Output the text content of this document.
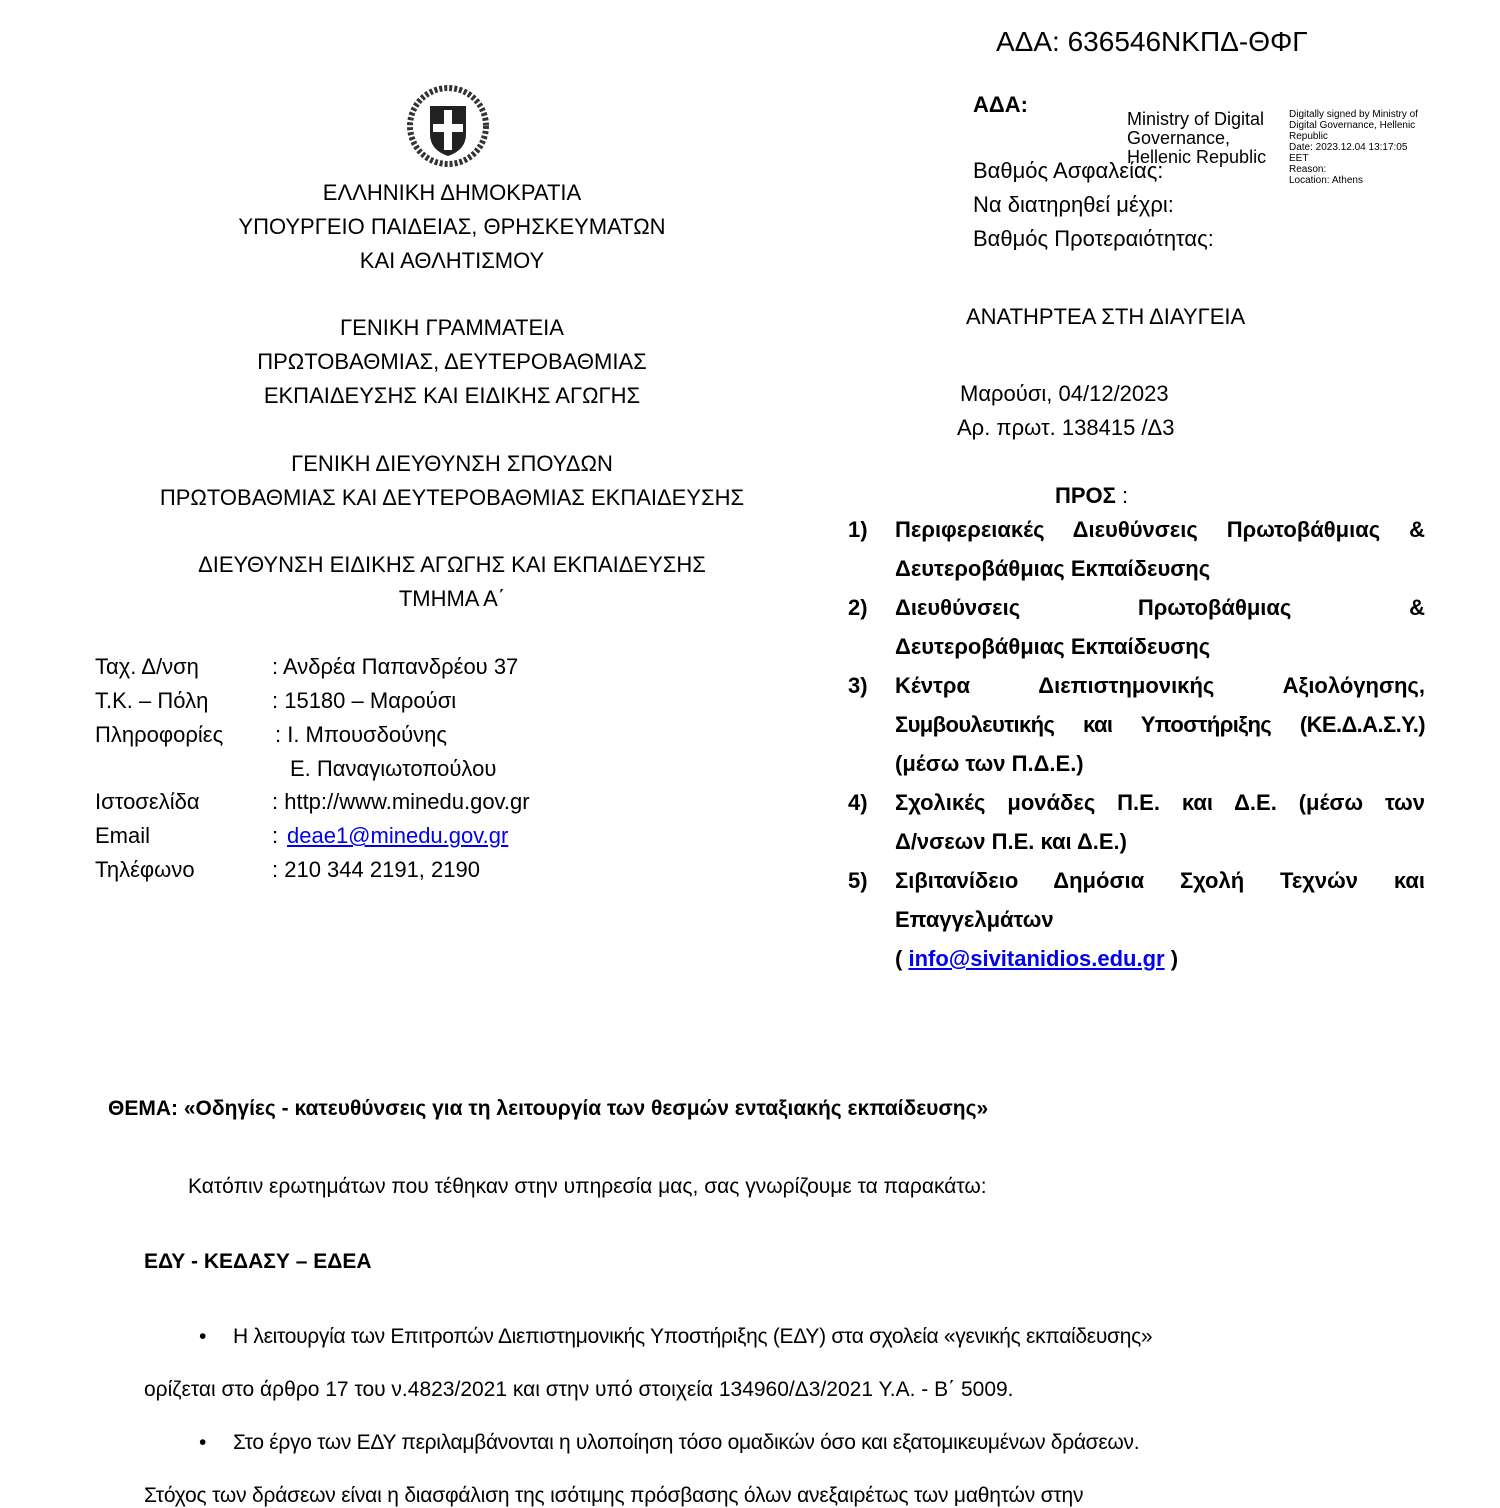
ΑΔΑ: 636546ΝΚΠΔ-ΘΦΓ
ΕΛΛΗΝΙΚΗ ΔΗΜΟΚΡΑΤΙΑ
ΥΠΟΥΡΓΕΙΟ ΠΑΙΔΕΙΑΣ, ΘΡΗΣΚΕΥΜΑΤΩΝ
ΚΑΙ ΑΘΛΗΤΙΣΜΟΥ
ΓΕΝΙΚΗ ΓΡΑΜΜΑΤΕΙΑ
ΠΡΩΤΟΒΑΘΜΙΑΣ, ΔΕΥΤΕΡΟΒΑΘΜΙΑΣ
ΕΚΠΑΙΔΕΥΣΗΣ ΚΑΙ ΕΙΔΙΚΗΣ ΑΓΩΓΗΣ
ΓΕΝΙΚΗ ΔΙΕΥΘΥΝΣΗ ΣΠΟΥΔΩΝ
ΠΡΩΤΟΒΑΘΜΙΑΣ ΚΑΙ ΔΕΥΤΕΡΟΒΑΘΜΙΑΣ ΕΚΠΑΙΔΕΥΣΗΣ
ΔΙΕΥΘΥΝΣΗ ΕΙΔΙΚΗΣ ΑΓΩΓΗΣ ΚΑΙ ΕΚΠΑΙΔΕΥΣΗΣ
ΤΜΗΜΑ Α΄
Ταχ. Δ/νση	: Ανδρέα Παπανδρέου 37
Τ.Κ. – Πόλη	: 15180 – Μαρούσι
Πληροφορίες : Ι. Μπουσδούνης
Ε. Παναγιωτοπούλου
Ιστοσελίδα	: http://www.minedu.gov.gr
Email	: deae1@minedu.gov.gr
Τηλέφωνο	: 210 344 2191, 2190
ΑΔΑ:
Βαθμός Ασφαλείας:
Να διατηρηθεί μέχρι:
Βαθμός Προτεραιότητας:
ΑΝΑΤΗΡΤΕΑ ΣΤΗ ΔΙΑΥΓΕΙΑ
Μαρούσι, 04/12/2023
Αρ. πρωτ. 138415 /Δ3
Ministry of Digital
Governance,
Hellenic Republic
Digitally signed by Ministry of
Digital Governance, Hellenic
Republic
Date: 2023.12.04 13:17:05
EET
Reason:
Location: Athens
ΠΡΟΣ :
1) Περιφερειακές Διευθύνσεις Πρωτοβάθμιας &
Δευτεροβάθμιας Εκπαίδευσης
2) Διευθύνσεις Πρωτοβάθμιας &
Δευτεροβάθμιας Εκπαίδευσης
3) Κέντρα Διεπιστημονικής Αξιολόγησης,
Συμβουλευτικής και Υποστήριξης (ΚΕ.Δ.Α.Σ.Υ.)
(μέσω των Π.Δ.Ε.)
4) Σχολικές μονάδες Π.Ε. και Δ.Ε. (μέσω των
Δ/νσεων Π.Ε. και Δ.Ε.)
5) Σιβιτανίδειο Δημόσια Σχολή Τεχνών και
Επαγγελμάτων
( info@sivitanidios.edu.gr )
ΘΕΜΑ: «Οδηγίες - κατευθύνσεις για τη λειτουργία των θεσμών ενταξιακής εκπαίδευσης»
Κατόπιν ερωτημάτων που τέθηκαν στην υπηρεσία μας, σας γνωρίζουμε τα παρακάτω:
ΕΔΥ - ΚΕΔΑΣΥ – ΕΔΕΑ
• Η λειτουργία των Επιτροπών Διεπιστημονικής Υποστήριξης (ΕΔΥ) στα σχολεία «γενικής εκπαίδευσης»
ορίζεται στο άρθρο 17 του ν.4823/2021 και στην υπό στοιχεία 134960/Δ3/2021 Υ.Α. - Β΄ 5009.
• Στο έργο των ΕΔΥ περιλαμβάνονται η υλοποίηση τόσο ομαδικών όσο και εξατομικευμένων δράσεων.
Στόχος των δράσεων είναι η διασφάλιση της ισότιμης πρόσβασης όλων ανεξαιρέτως των μαθητών στην
